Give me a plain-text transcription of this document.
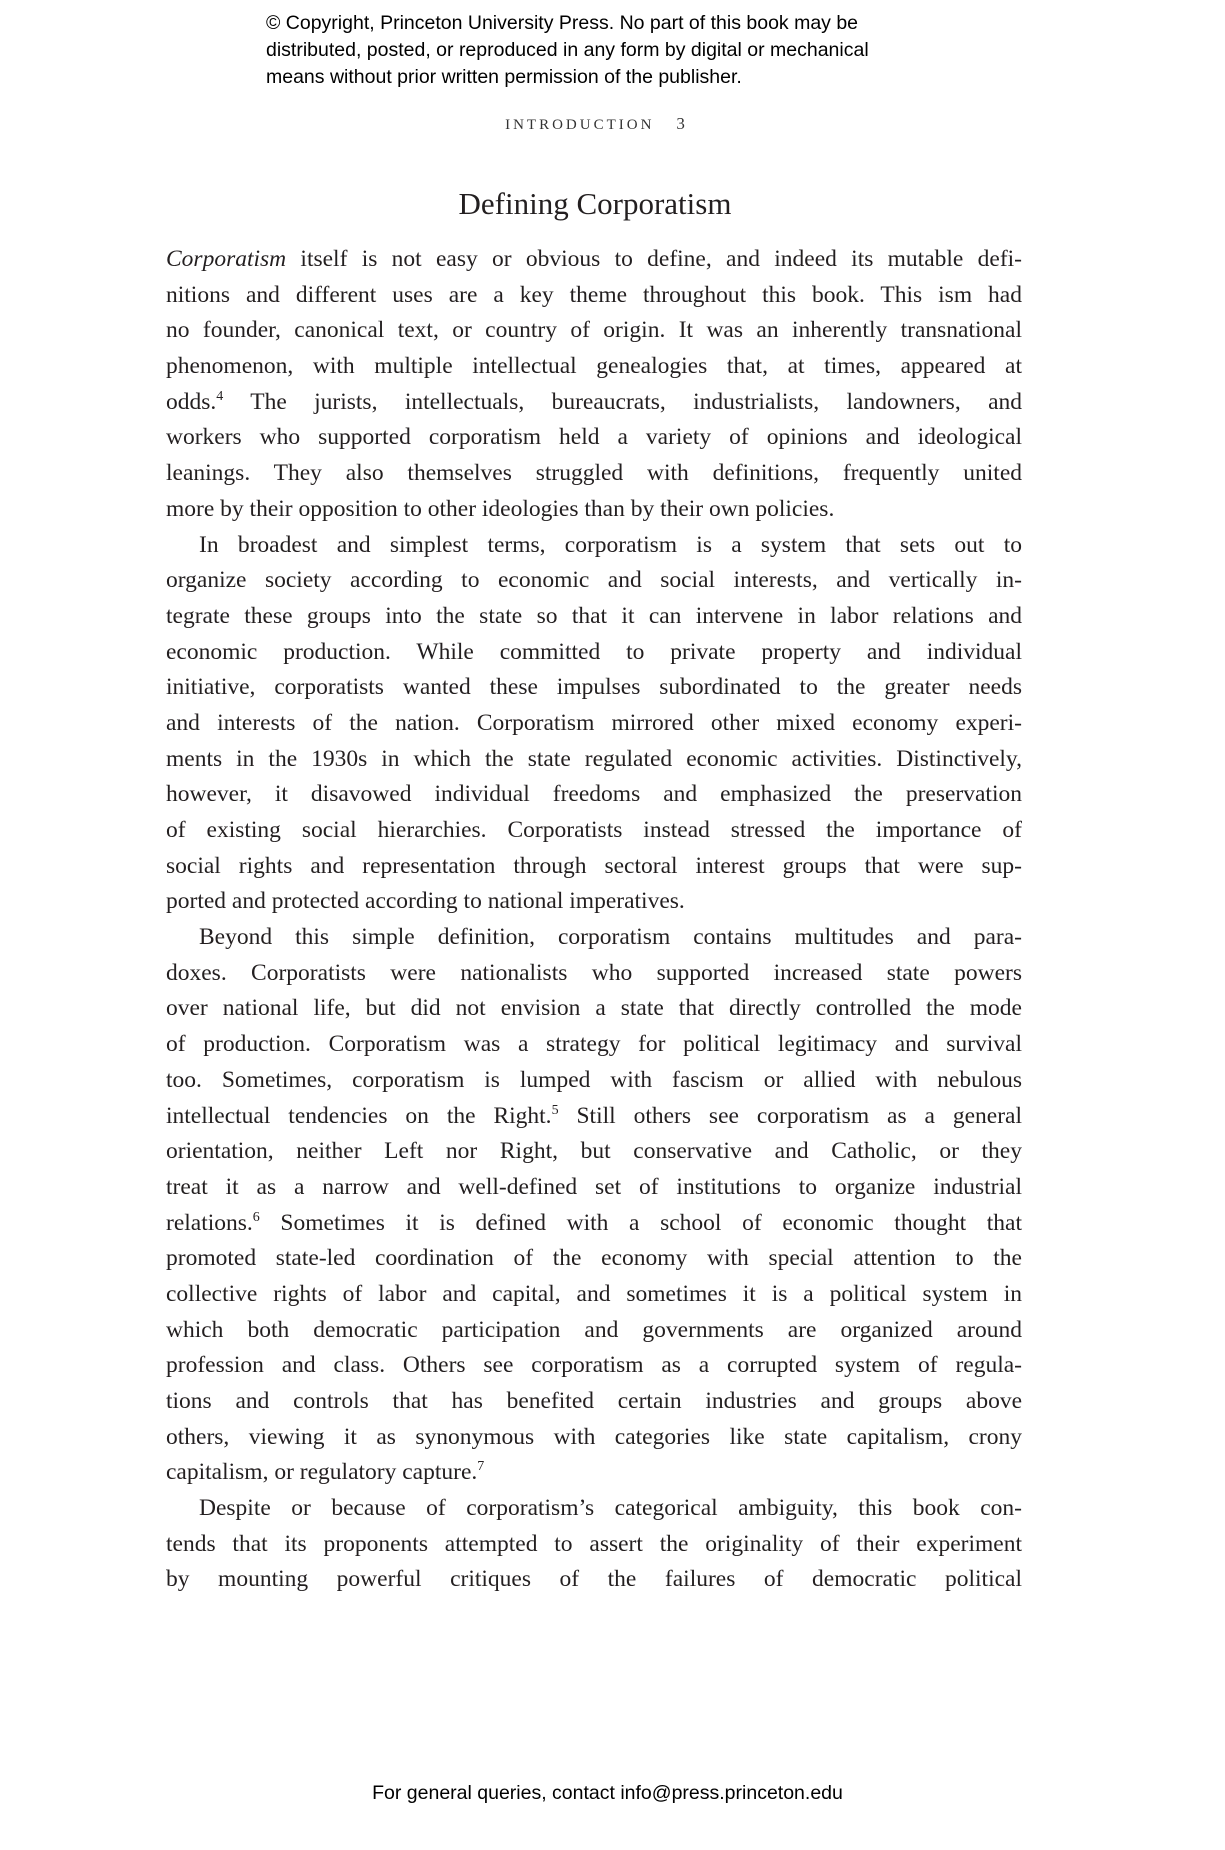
© Copyright, Princeton University Press. No part of this book may be
distributed, posted, or reproduced in any form by digital or mechanical
means without prior written permission of the publisher.
INTRODUCTION 3
Defining Corporatism
Corporatism itself is not easy or obvious to define, and indeed its mutable defi-
nitions and different uses are a key theme throughout this book. This ism had
no founder, canonical text, or country of origin. It was an inherently transnational
phenomenon, with multiple intellectual genealogies that, at times, appeared at
odds.$^4$ The jurists, intellectuals, bureaucrats, industrialists, landowners, and
workers who supported corporatism held a variety of opinions and ideological
leanings. They also themselves struggled with definitions, frequently united
more by their opposition to other ideologies than by their own policies.
In broadest and simplest terms, corporatism is a system that sets out to
organize society according to economic and social interests, and vertically in-
tegrate these groups into the state so that it can intervene in labor relations and
economic production. While committed to private property and individual
initiative, corporatists wanted these impulses subordinated to the greater needs
and interests of the nation. Corporatism mirrored other mixed economy experi-
ments in the 1930s in which the state regulated economic activities. Distinctively,
however, it disavowed individual freedoms and emphasized the preservation
of existing social hierarchies. Corporatists instead stressed the importance of
social rights and representation through sectoral interest groups that were sup-
ported and protected according to national imperatives.
Beyond this simple definition, corporatism contains multitudes and para-
doxes. Corporatists were nationalists who supported increased state powers
over national life, but did not envision a state that directly controlled the mode
of production. Corporatism was a strategy for political legitimacy and survival
too. Sometimes, corporatism is lumped with fascism or allied with nebulous
intellectual tendencies on the Right.$^5$ Still others see corporatism as a general
orientation, neither Left nor Right, but conservative and Catholic, or they
treat it as a narrow and well-defined set of institutions to organize industrial
relations.$^6$ Sometimes it is defined with a school of economic thought that
promoted state-led coordination of the economy with special attention to the
collective rights of labor and capital, and sometimes it is a political system in
which both democratic participation and governments are organized around
profession and class. Others see corporatism as a corrupted system of regula-
tions and controls that has benefited certain industries and groups above
others, viewing it as synonymous with categories like state capitalism, crony
capitalism, or regulatory capture.$^7$
Despite or because of corporatism’s categorical ambiguity, this book con-
tends that its proponents attempted to assert the originality of their experiment
by mounting powerful critiques of the failures of democratic political
For general queries, contact info@press.princeton.edu
